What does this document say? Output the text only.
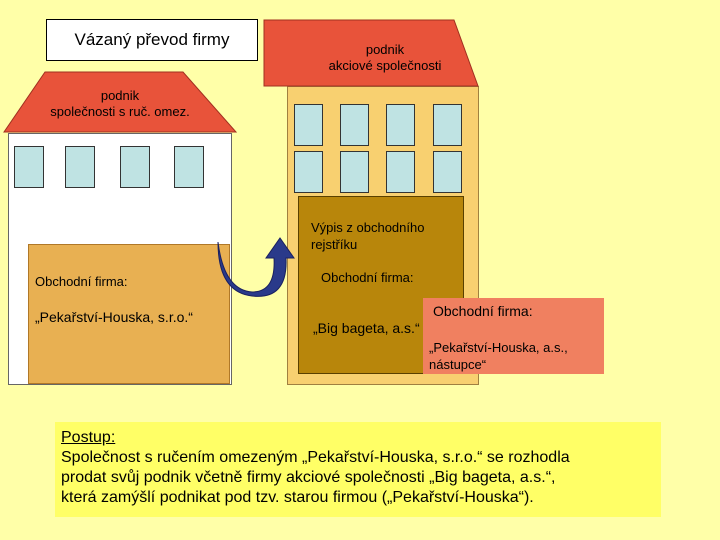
Vázaný převod firmy
podnik
společnosti s ruč. omez.
Obchodní firma:
„Pekařství-Houska, s.r.o.“
podnik
akciové společnosti
Výpis z obchodního
rejstříku
Obchodní firma:
„Big bageta, a.s.“
Obchodní firma:
„Pekařství-Houska, a.s.,
nástupce“
Postup:
Společnost s ručením omezeným „Pekařství-Houska, s.r.o.“ se rozhodla
prodat svůj podnik včetně firmy akciové společnosti „Big bageta, a.s.“,
která zamýšlí podnikat pod tzv. starou firmou („Pekařství-Houska“).
